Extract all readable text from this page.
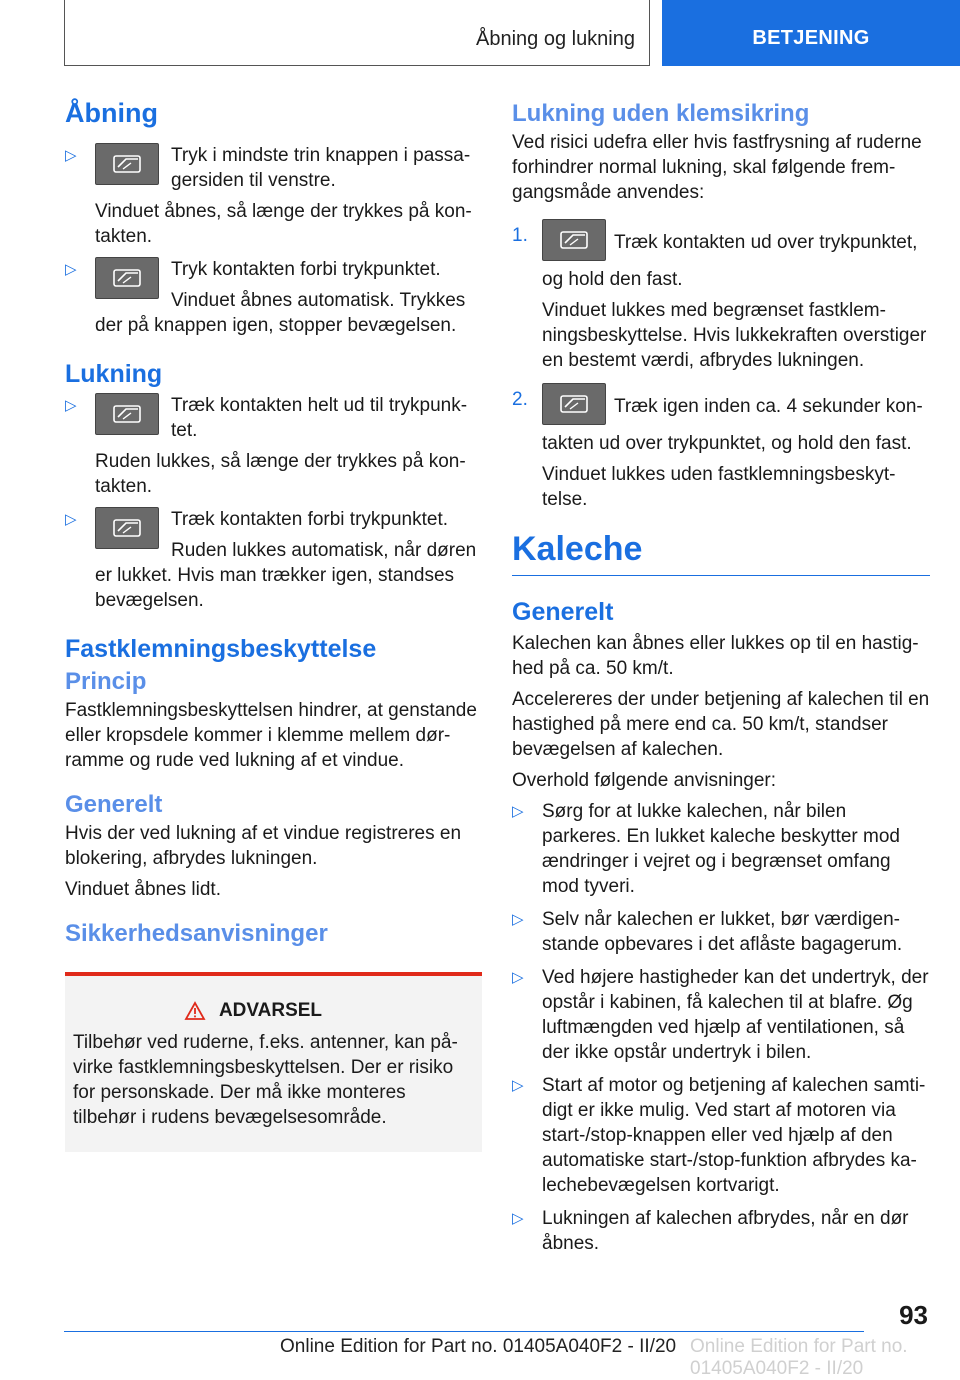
Åbning og lukning	BETJENING
Åbning
▷	Tryk i mindste trin knappen i passa-gersiden til venstre.
Vinduet åbnes, så længe der trykkes på kon-takten.
▷	Tryk kontakten forbi trykpunktet.
Vinduet åbnes automatisk. Trykkes der på knappen igen, stopper bevægelsen.
Lukning
▷	Træk kontakten helt ud til trykpunk-tet.
Ruden lukkes, så længe der trykkes på kon-takten.
▷	Træk kontakten forbi trykpunktet.
Ruden lukkes automatisk, når døren er lukket. Hvis man trækker igen, standses bevægelsen.
Fastklemningsbeskyttelse
Princip
Fastklemningsbeskyttelsen hindrer, at genstande eller kropsdele kommer i klemme mellem dør-ramme og rude ved lukning af et vindue.
Generelt
Hvis der ved lukning af et vindue registreres en blokering, afbrydes lukningen.
Vinduet åbnes lidt.
Sikkerhedsanvisninger
ADVARSEL
Tilbehør ved ruderne, f.eks. antenner, kan på-virke fastklemningsbeskyttelsen. Der er risiko for personskade. Der må ikke monteres tilbehør i rudens bevægelsesområde.
Lukning uden klemsikring
Ved risici udefra eller hvis fastfrysning af ruderne forhindrer normal lukning, skal følgende frem-gangsmåde anvendes:
1.	Træk kontakten ud over trykpunktet, og hold den fast.
Vinduet lukkes med begrænset fastklem-ningsbeskyttelse. Hvis lukkekraften overstiger en bestemt værdi, afbrydes lukningen.
2.	Træk igen inden ca. 4 sekunder kon-takten ud over trykpunktet, og hold den fast.
Vinduet lukkes uden fastklemningsbeskyt-telse.
Kaleche
Generelt
Kalechen kan åbnes eller lukkes op til en hastig-hed på ca. 50 km/t.
Accelereres der under betjening af kalechen til en hastighed på mere end ca. 50 km/t, standser bevægelsen af kalechen.
Overhold følgende anvisninger:
▷ Sørg for at lukke kalechen, når bilen parkeres. En lukket kaleche beskytter mod ændringer i vejret og i begrænset omfang mod tyveri.
▷ Selv når kalechen er lukket, bør værdigen-stande opbevares i det aflåste bagagerum.
▷ Ved højere hastigheder kan det undertryk, der opstår i kabinen, få kalechen til at blafre. Øg luftmængden ved hjælp af ventilationen, så der ikke opstår undertryk i bilen.
▷ Start af motor og betjening af kalechen samti-digt er ikke mulig. Ved start af motoren via start-/stop-knappen eller ved hjælp af den automatiske start-/stop-funktion afbrydes ka-lechebevægelsen kortvarigt.
▷ Lukningen af kalechen afbrydes, når en dør åbnes.
93
Online Edition for Part no. 01405A040F2 - II/20 Online Edition for Part no. 01405A040F2 - II/20
